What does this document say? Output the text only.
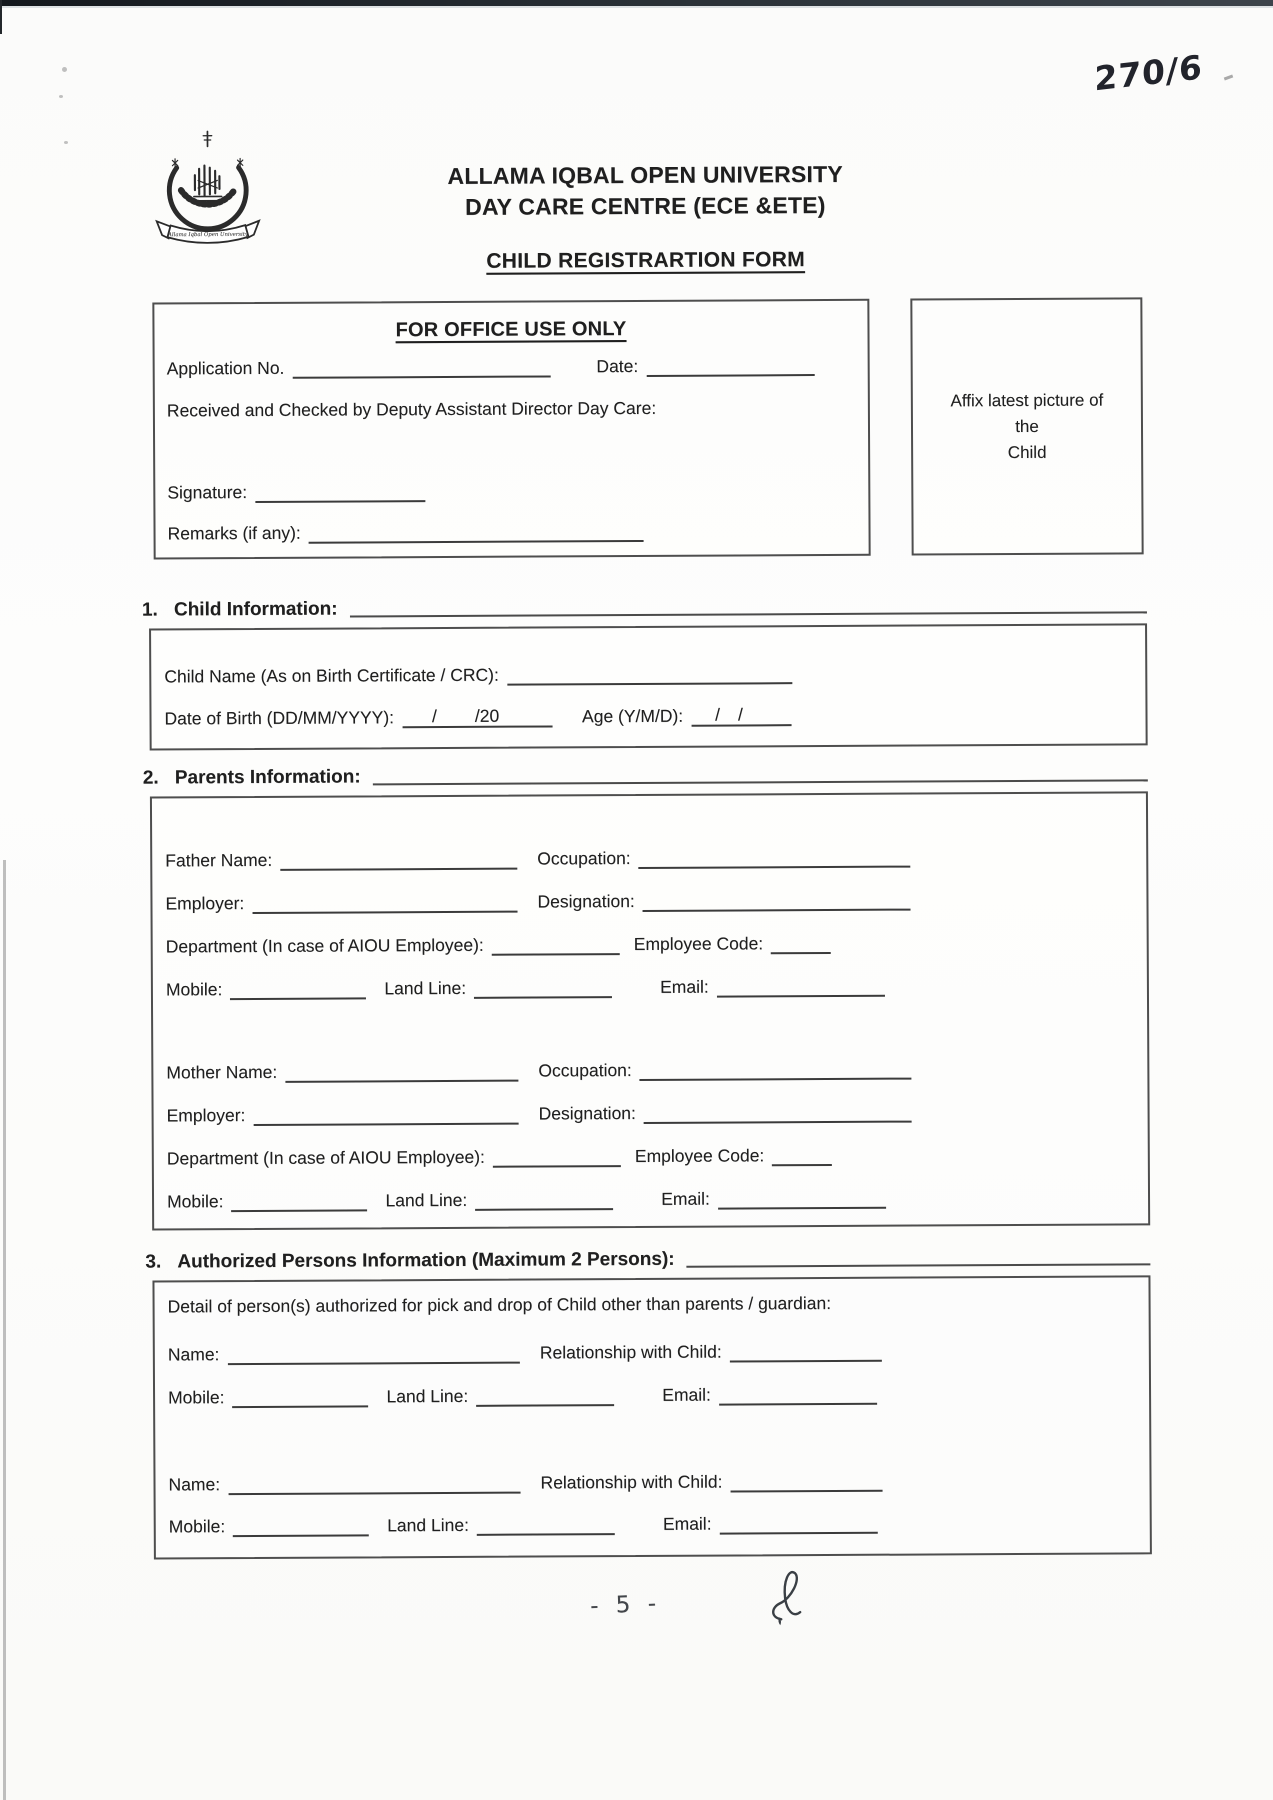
270/6
Allama Iqbal Open University
ALLAMA IQBAL OPEN UNIVERSITY
DAY CARE CENTRE (ECE &ETE)
CHILD REGISTRARTION FORM
FOR OFFICE USE ONLY
Application No.	Date:
Received and Checked by Deputy Assistant Director Day Care:
Signature:
Remarks (if any):
Affix latest picture of the
Child
1. Child Information:
Child Name (As on Birth Certificate / CRC):
Date of Birth (DD/MM/YYYY): / /20	Age (Y/M/D): / /
2. Parents Information:
Father Name:	Occupation:
Employer:	Designation:
Department (In case of AIOU Employee):	Employee Code:
Mobile:	Land Line:	Email:
Mother Name:	Occupation:
Employer:	Designation:
Department (In case of AIOU Employee):	Employee Code:
Mobile:	Land Line:	Email:
3. Authorized Persons Information (Maximum 2 Persons):
Detail of person(s) authorized for pick and drop of Child other than parents / guardian:
Name:	Relationship with Child:
Mobile:	Land Line:	Email:
Name:	Relationship with Child:
Mobile:	Land Line:	Email:
- 5 -
